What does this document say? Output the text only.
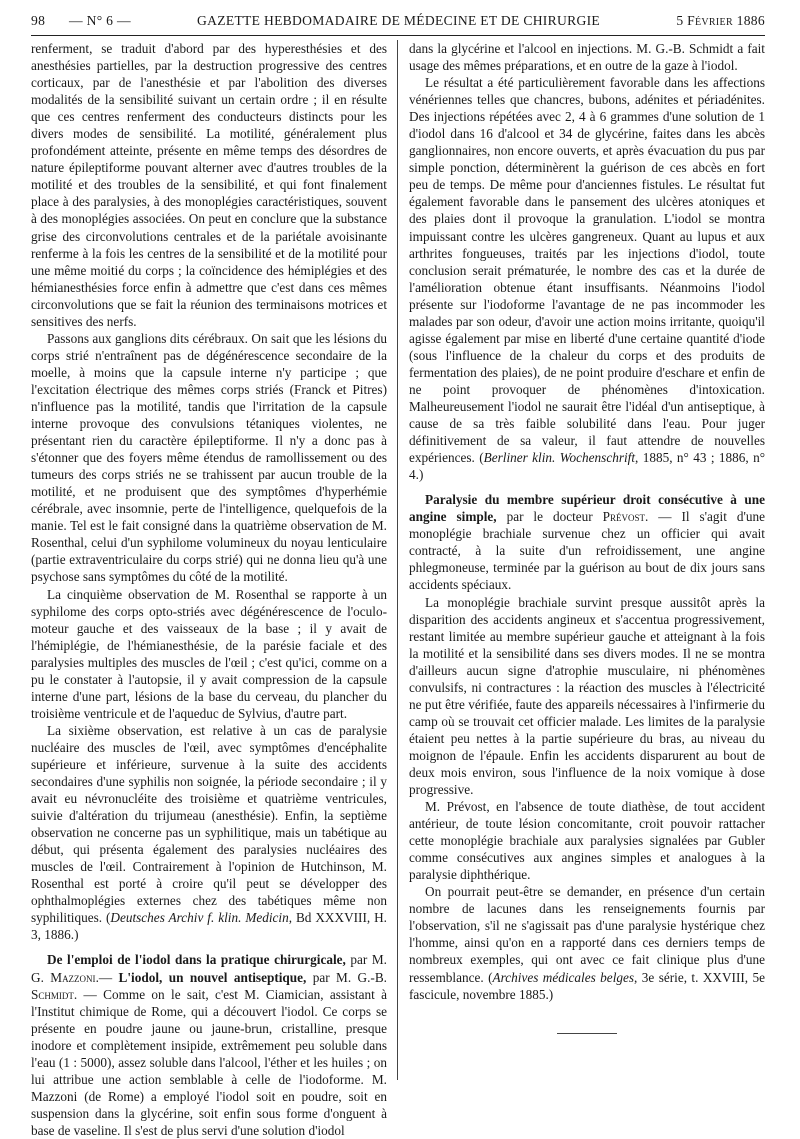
98 — N° 6 —	GAZETTE HEBDOMADAIRE DE MÉDECINE ET DE CHIRURGIE	5 Février 1886

renferment, se traduit d'abord par des hyperesthésies et des anesthésies partielles, par la destruction progressive des centres corticaux, par de l'anesthésie et par l'abolition des diverses modalités de la sensibilité suivant un certain ordre ; il en résulte que ces centres renferment des conducteurs distincts pour les divers modes de sensibilité. La motilité, généralement plus profondément atteinte, présente en même temps des désordres de nature épileptiforme pouvant alterner avec d'autres troubles de la motilité et des troubles de la sensibilité, et qui font finalement place à des paralysies, à des monoplégies caractéristiques, souvent à des monoplégies associées. On peut en conclure que la substance grise des circonvolutions centrales et de la pariétale avoisinante renferme à la fois les centres de la sensibilité et de la motilité pour une même moitié du corps ; la coïncidence des hémiplégies et des hémianesthésies force enfin à admettre que c'est dans ces mêmes circonvolutions que se fait la réunion des terminaisons motrices et sensitives des nerfs.

Passons aux ganglions dits cérébraux. On sait que les lésions du corps strié n'entraînent pas de dégénérescence secondaire de la moelle, à moins que la capsule interne n'y participe ; que l'excitation électrique des mêmes corps striés (Franck et Pitres) n'influence pas la motilité, tandis que l'irritation de la capsule interne provoque des convulsions tétaniques violentes, ne présentant rien du caractère épileptiforme. Il n'y a donc pas à s'étonner que des foyers même étendus de ramollissement ou des tumeurs des corps striés ne se trahissent par aucun trouble de la motilité, et ne produisent que des symptômes d'hyperhémie cérébrale, avec insomnie, perte de l'intelligence, quelquefois de la manie. Tel est le fait consigné dans la quatrième observation de M. Rosenthal, celui d'un syphilome volumineux du noyau lenticulaire (partie extraventriculaire du corps strié) qui ne donna lieu qu'à une psychose sans symptômes du côté de la motilité.

La cinquième observation de M. Rosenthal se rapporte à un syphilome des corps opto-striés avec dégénérescence de l'oculo-moteur gauche et des vaisseaux de la base ; il y avait de l'hémiplégie, de l'hémianesthésie, de la parésie faciale et des paralysies multiples des muscles de l'œil ; c'est qu'ici, comme on a pu le constater à l'autopsie, il y avait compression de la capsule interne d'une part, lésions de la base du cerveau, du plancher du troisième ventricule et de l'aqueduc de Sylvius, d'autre part.

La sixième observation, est relative à un cas de paralysie nucléaire des muscles de l'œil, avec symptômes d'encéphalite supérieure et inférieure, survenue à la suite des accidents secondaires d'une syphilis non soignée, la période secondaire ; il y avait eu névronucléite des troisième et quatrième ventricules, suivie d'altération du trijumeau (anesthésie). Enfin, la septième observation ne concerne pas un syphilitique, mais un tabétique au début, qui présenta également des paralysies nucléaires des muscles de l'œil. Contrairement à l'opinion de Hutchinson, M. Rosenthal est porté à croire qu'il peut se développer des ophthalmoplégies externes chez des tabétiques même non syphilitiques. (Deutsches Archiv f. klin. Medicin, Bd XXXVIII, H. 3, 1886.)

De l'emploi de l'iodol dans la pratique chirurgicale, par M. G. Mazzoni.— L'iodol, un nouvel antiseptique, par M. G.-B. Schmidt. — Comme on le sait, c'est M. Ciamician, assistant à l'Institut chimique de Rome, qui a découvert l'iodol. Ce corps se présente en poudre jaune ou jaune-brun, cristalline, presque inodore et complètement insipide, extrêmement peu soluble dans l'eau (1 : 5000), assez soluble dans l'alcool, l'éther et les huiles ; on lui attribue une action semblable à celle de l'iodoforme. M. Mazzoni (de Rome) a employé l'iodol soit en poudre, soit en suspension dans la glycérine, soit enfin sous forme d'onguent à base de vaseline. Il s'est de plus servi d'une solution d'iodol

dans la glycérine et l'alcool en injections. M. G.-B. Schmidt a fait usage des mêmes préparations, et en outre de la gaze à l'iodol.

Le résultat a été particulièrement favorable dans les affections vénériennes telles que chancres, bubons, adénites et périadénites. Des injections répétées avec 2, 4 à 6 grammes d'une solution de 1 d'iodol dans 16 d'alcool et 34 de glycérine, faites dans les abcès ganglionnaires, non encore ouverts, et après évacuation du pus par simple ponction, déterminèrent la guérison de ces abcès en fort peu de temps. De même pour d'anciennes fistules. Le résultat fut également favorable dans le pansement des ulcères atoniques et des plaies dont il provoque la granulation. L'iodol se montra impuissant contre les ulcères gangreneux. Quant au lupus et aux arthrites fongueuses, traités par les injections d'iodol, toute conclusion serait prématurée, le nombre des cas et la durée de l'amélioration obtenue étant insuffisants. Néanmoins l'iodol présente sur l'iodoforme l'avantage de ne pas incommoder les malades par son odeur, d'avoir une action moins irritante, quoiqu'il agisse également par mise en liberté d'une certaine quantité d'iode (sous l'influence de la chaleur du corps et des produits de fermentation des plaies), de ne point produire d'eschare et enfin de ne point provoquer de phénomènes d'intoxication. Malheureusement l'iodol ne saurait être l'idéal d'un antiseptique, à cause de sa très faible solubilité dans l'eau. Pour juger définitivement de sa valeur, il faut attendre de nouvelles expériences. (Berliner klin. Wochenschrift, 1885, n° 43 ; 1886, n° 4.)

Paralysie du membre supérieur droit consécutive à une angine simple, par le docteur Prévost. — Il s'agit d'une monoplégie brachiale survenue chez un officier qui avait contracté, à la suite d'un refroidissement, une angine phlegmoneuse, terminée par la guérison au bout de dix jours sans accidents spéciaux.

La monoplégie brachiale survint presque aussitôt après la disparition des accidents angineux et s'accentua progressivement, restant limitée au membre supérieur gauche et atteignant à la fois la motilité et la sensibilité dans ses divers modes. Il ne se montra d'ailleurs aucun signe d'atrophie musculaire, ni phénomènes convulsifs, ni contractures : la réaction des muscles à l'électricité ne put être vérifiée, faute des appareils nécessaires à l'infirmerie du camp où se trouvait cet officier malade. Les limites de la paralysie étaient peu nettes à la partie supérieure du bras, au niveau du moignon de l'épaule. Enfin les accidents disparurent au bout de deux mois environ, sous l'influence de la noix vomique à dose progressive.

M. Prévost, en l'absence de toute diathèse, de tout accident antérieur, de toute lésion concomitante, croit pouvoir rattacher cette monoplégie brachiale aux paralysies signalées par Gubler comme consécutives aux angines simples et analogues à la paralysie diphthérique.

On pourrait peut-être se demander, en présence d'un certain nombre de lacunes dans les renseignements fournis par l'observation, s'il ne s'agissait pas d'une paralysie hystérique chez l'homme, ainsi qu'on en a rapporté dans ces derniers temps de nombreux exemples, qui ont avec ce fait clinique plus d'une ressemblance. (Archives médicales belges, 3e série, t. XXVIII, 5e fascicule, novembre 1885.)
